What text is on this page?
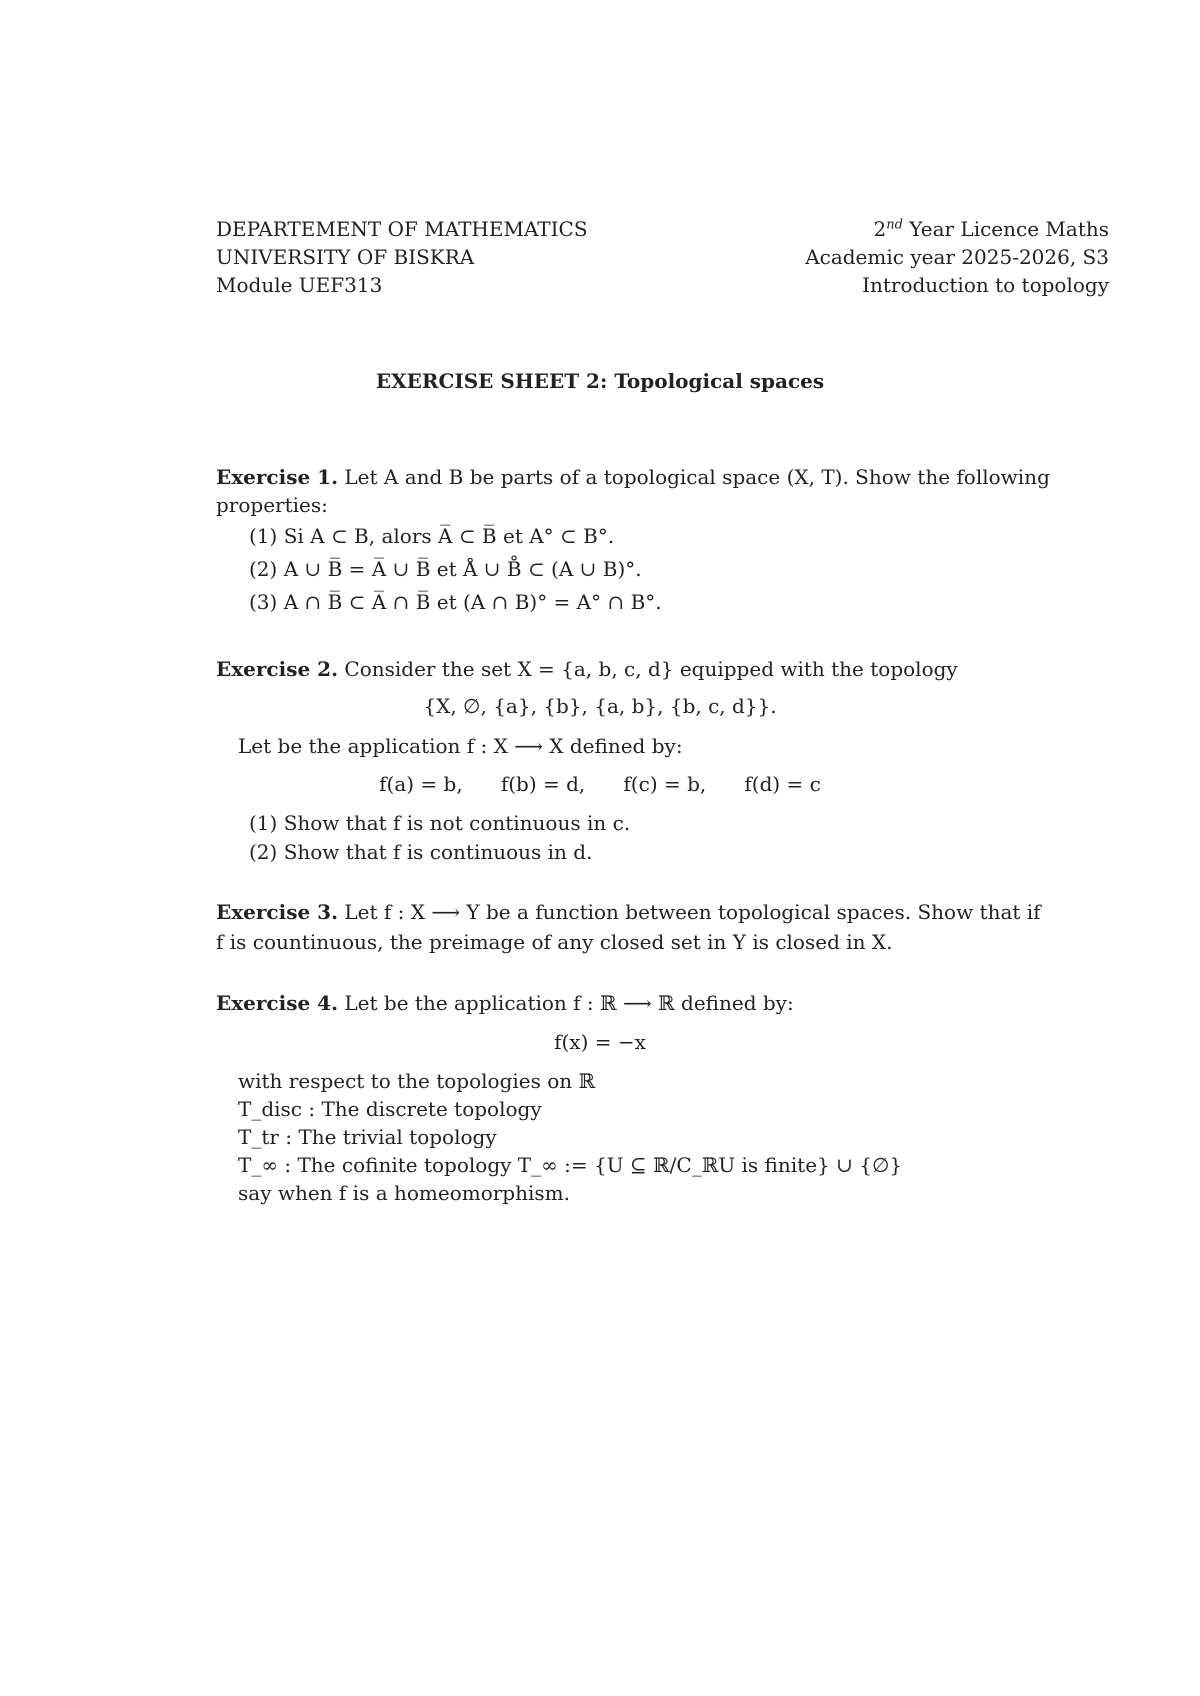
DEPARTEMENT OF MATHEMATICS
UNIVERSITY OF BISKRA
Module UEF313
2nd Year Licence Maths
Academic year 2025-2026, S3
Introduction to topology
EXERCISE SHEET 2: Topological spaces
Exercise 1. Let A and B be parts of a topological space (X, T). Show the following
properties:
(1) Si A ⊂ B, alors A̅ ⊂ B̅ et A° ⊂ B°.
(2) A ∪ B̅ = A̅ ∪ B̅ et Å ∪ B̊ ⊂ (A ∪ B)°.
(3) A ∩ B̅ ⊂ A̅ ∩ B̅ et (A ∩ B)° = A° ∩ B°.
Exercise 2. Consider the set X = {a, b, c, d} equipped with the topology
{X, ∅, {a}, {b}, {a, b}, {b, c, d}}.
Let be the application f : X ⟶ X defined by:
f(a) = b,      f(b) = d,      f(c) = b,      f(d) = c
(1) Show that f is not continuous in c.
(2) Show that f is continuous in d.
Exercise 3. Let f : X ⟶ Y be a function between topological spaces. Show that if
f is countinuous, the preimage of any closed set in Y is closed in X.
Exercise 4. Let be the application f : ℝ ⟶ ℝ defined by:
f(x) = −x
with respect to the topologies on ℝ
T_disc : The discrete topology
T_tr : The trivial topology
T_∞ : The cofinite topology T_∞ := {U ⊆ ℝ/C_ℝU is finite} ∪ {∅}
say when f is a homeomorphism.
